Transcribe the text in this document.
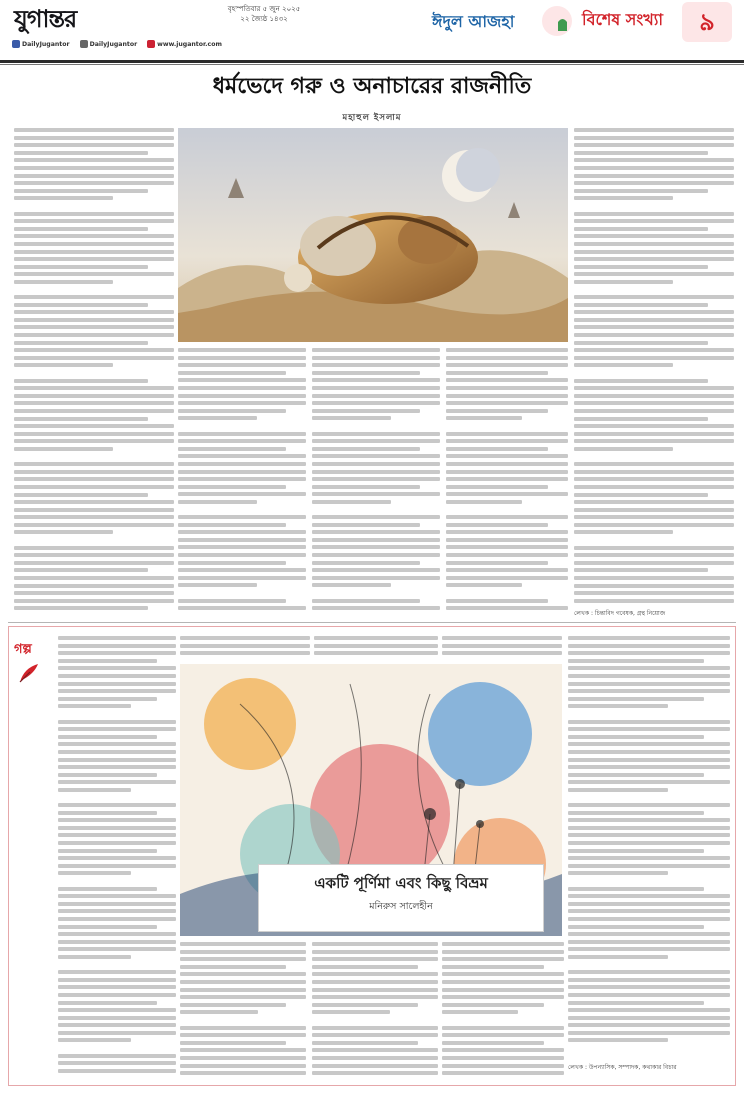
যুগান্তর
DailyJugantor	DailyJugantor	www.jugantor.com
বৃহস্পতিবার ৫ জুন ২০২৫
২২ জ্যৈষ্ঠ ১৪৩২	ঈদুল আজহা	বিশেষ সংখ্যা	৯
ধর্মভেদে গরু ও অনাচারের রাজনীতি
মহাহুল ইসলাম
লেখক : চিন্তাবিদ গবেষক, গ্রন্থ নিয়োজ
গল্প
একটি পূর্ণিমা এবং কিছু বিভ্রম
মনিরুস সালেহীন
লেখক : উপন্যাসিক, সম্পাদক, কথাকার বিচার
